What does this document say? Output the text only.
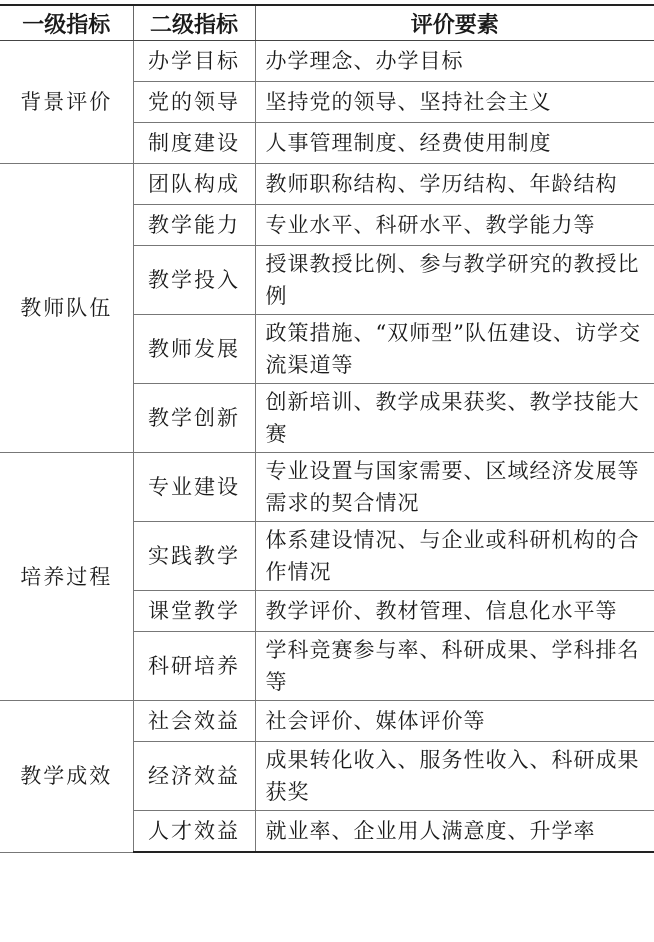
一级指标	二级指标	评价要素
背景评价	办学目标	办学理念、办学目标
	党的领导	坚持党的领导、坚持社会主义
	制度建设	人事管理制度、经费使用制度
教师队伍	团队构成	教师职称结构、学历结构、年龄结构
	教学能力	专业水平、科研水平、教学能力等
	教学投入	授课教授比例、参与教学研究的教授比例
	教师发展	政策措施、“双师型”队伍建设、访学交流渠道等
	教学创新	创新培训、教学成果获奖、教学技能大赛
培养过程	专业建设	专业设置与国家需要、区域经济发展等需求的契合情况
	实践教学	体系建设情况、与企业或科研机构的合作情况
	课堂教学	教学评价、教材管理、信息化水平等
	科研培养	学科竞赛参与率、科研成果、学科排名等
教学成效	社会效益	社会评价、媒体评价等
	经济效益	成果转化收入、服务性收入、科研成果获奖
	人才效益	就业率、企业用人满意度、升学率
